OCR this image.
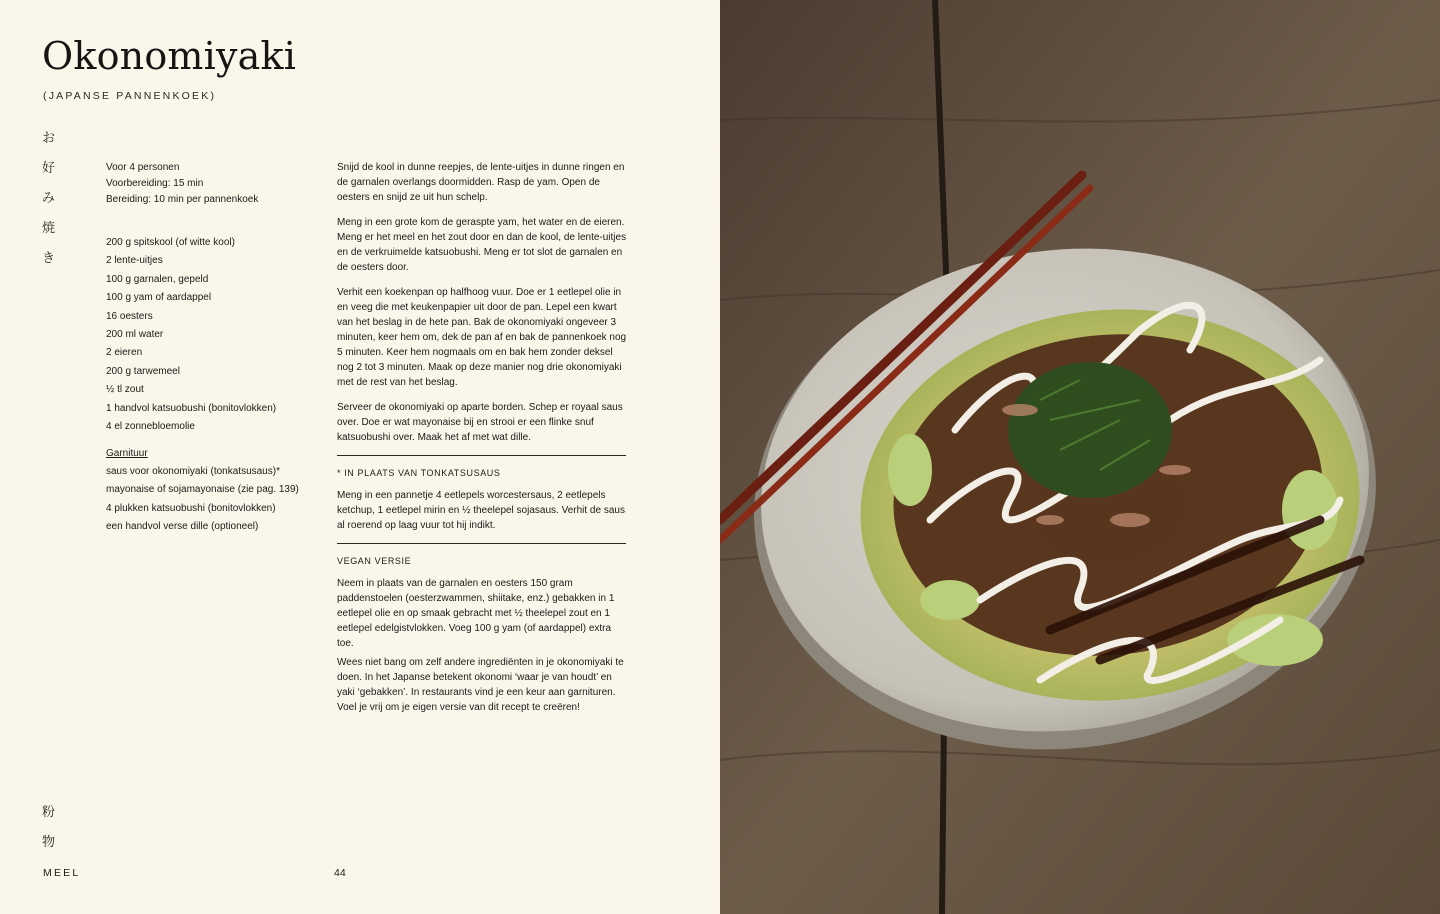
Okonomiyaki
(JAPANSE PANNENKOEK)
お
好
み
焼
き
Voor 4 personen
Voorbereiding: 15 min
Bereiding: 10 min per pannenkoek
200 g spitskool (of witte kool)
2 lente-uitjes
100 g garnalen, gepeld
100 g yam of aardappel
16 oesters
200 ml water
2 eieren
200 g tarwemeel
½ tl zout
1 handvol katsuobushi (bonitovlokken)
4 el zonnebloemolie
Garnituur
saus voor okonomiyaki (tonkatsusaus)*
mayonaise of sojamayonaise (zie pag. 139)
4 plukken katsuobushi (bonitovlokken)
een handvol verse dille (optioneel)

Snijd de kool in dunne reepjes, de lente-uitjes in dunne ringen en de garnalen overlangs doormidden. Rasp de yam. Open de oesters en snijd ze uit hun schelp.

Meng in een grote kom de geraspte yam, het water en de eieren. Meng er het meel en het zout door en dan de kool, de lente-uitjes en de verkruimelde katsuobushi. Meng er tot slot de garnalen en de oesters door.

Verhit een koekenpan op halfhoog vuur. Doe er 1 eetlepel olie in en veeg die met keukenpapier uit door de pan. Lepel een kwart van het beslag in de hete pan. Bak de okonomiyaki ongeveer 3 minuten, keer hem om, dek de pan af en bak de pannenkoek nog 5 minuten. Keer hem nogmaals om en bak hem zonder deksel nog 2 tot 3 minuten. Maak op deze manier nog drie okonomiyaki met de rest van het beslag.

Serveer de okonomiyaki op aparte borden. Schep er royaal saus over. Doe er wat mayonaise bij en strooi er een flinke snuf katsuobushi over. Maak het af met wat dille.

* IN PLAATS VAN TONKATSUSAUS

Meng in een pannetje 4 eetlepels worcestersaus, 2 eetlepels ketchup, 1 eetlepel mirin en ½ theelepel sojasaus. Verhit de saus al roerend op laag vuur tot hij indikt.

VEGAN VERSIE

Neem in plaats van de garnalen en oesters 150 gram paddenstoelen (oesterzwammen, shiitake, enz.) gebakken in 1 eetlepel olie en op smaak gebracht met ½ theelepel zout en 1 eetlepel edelgistvlokken. Voeg 100 g yam (of aardappel) extra toe.

Wees niet bang om zelf andere ingrediënten in je okonomiyaki te doen. In het Japanse betekent okonomi ‘waar je van houdt’ en yaki ‘gebakken’. In restaurants vind je een keur aan garnituren. Voel je vrij om je eigen versie van dit recept te creëren!

粉
物
MEEL	44
